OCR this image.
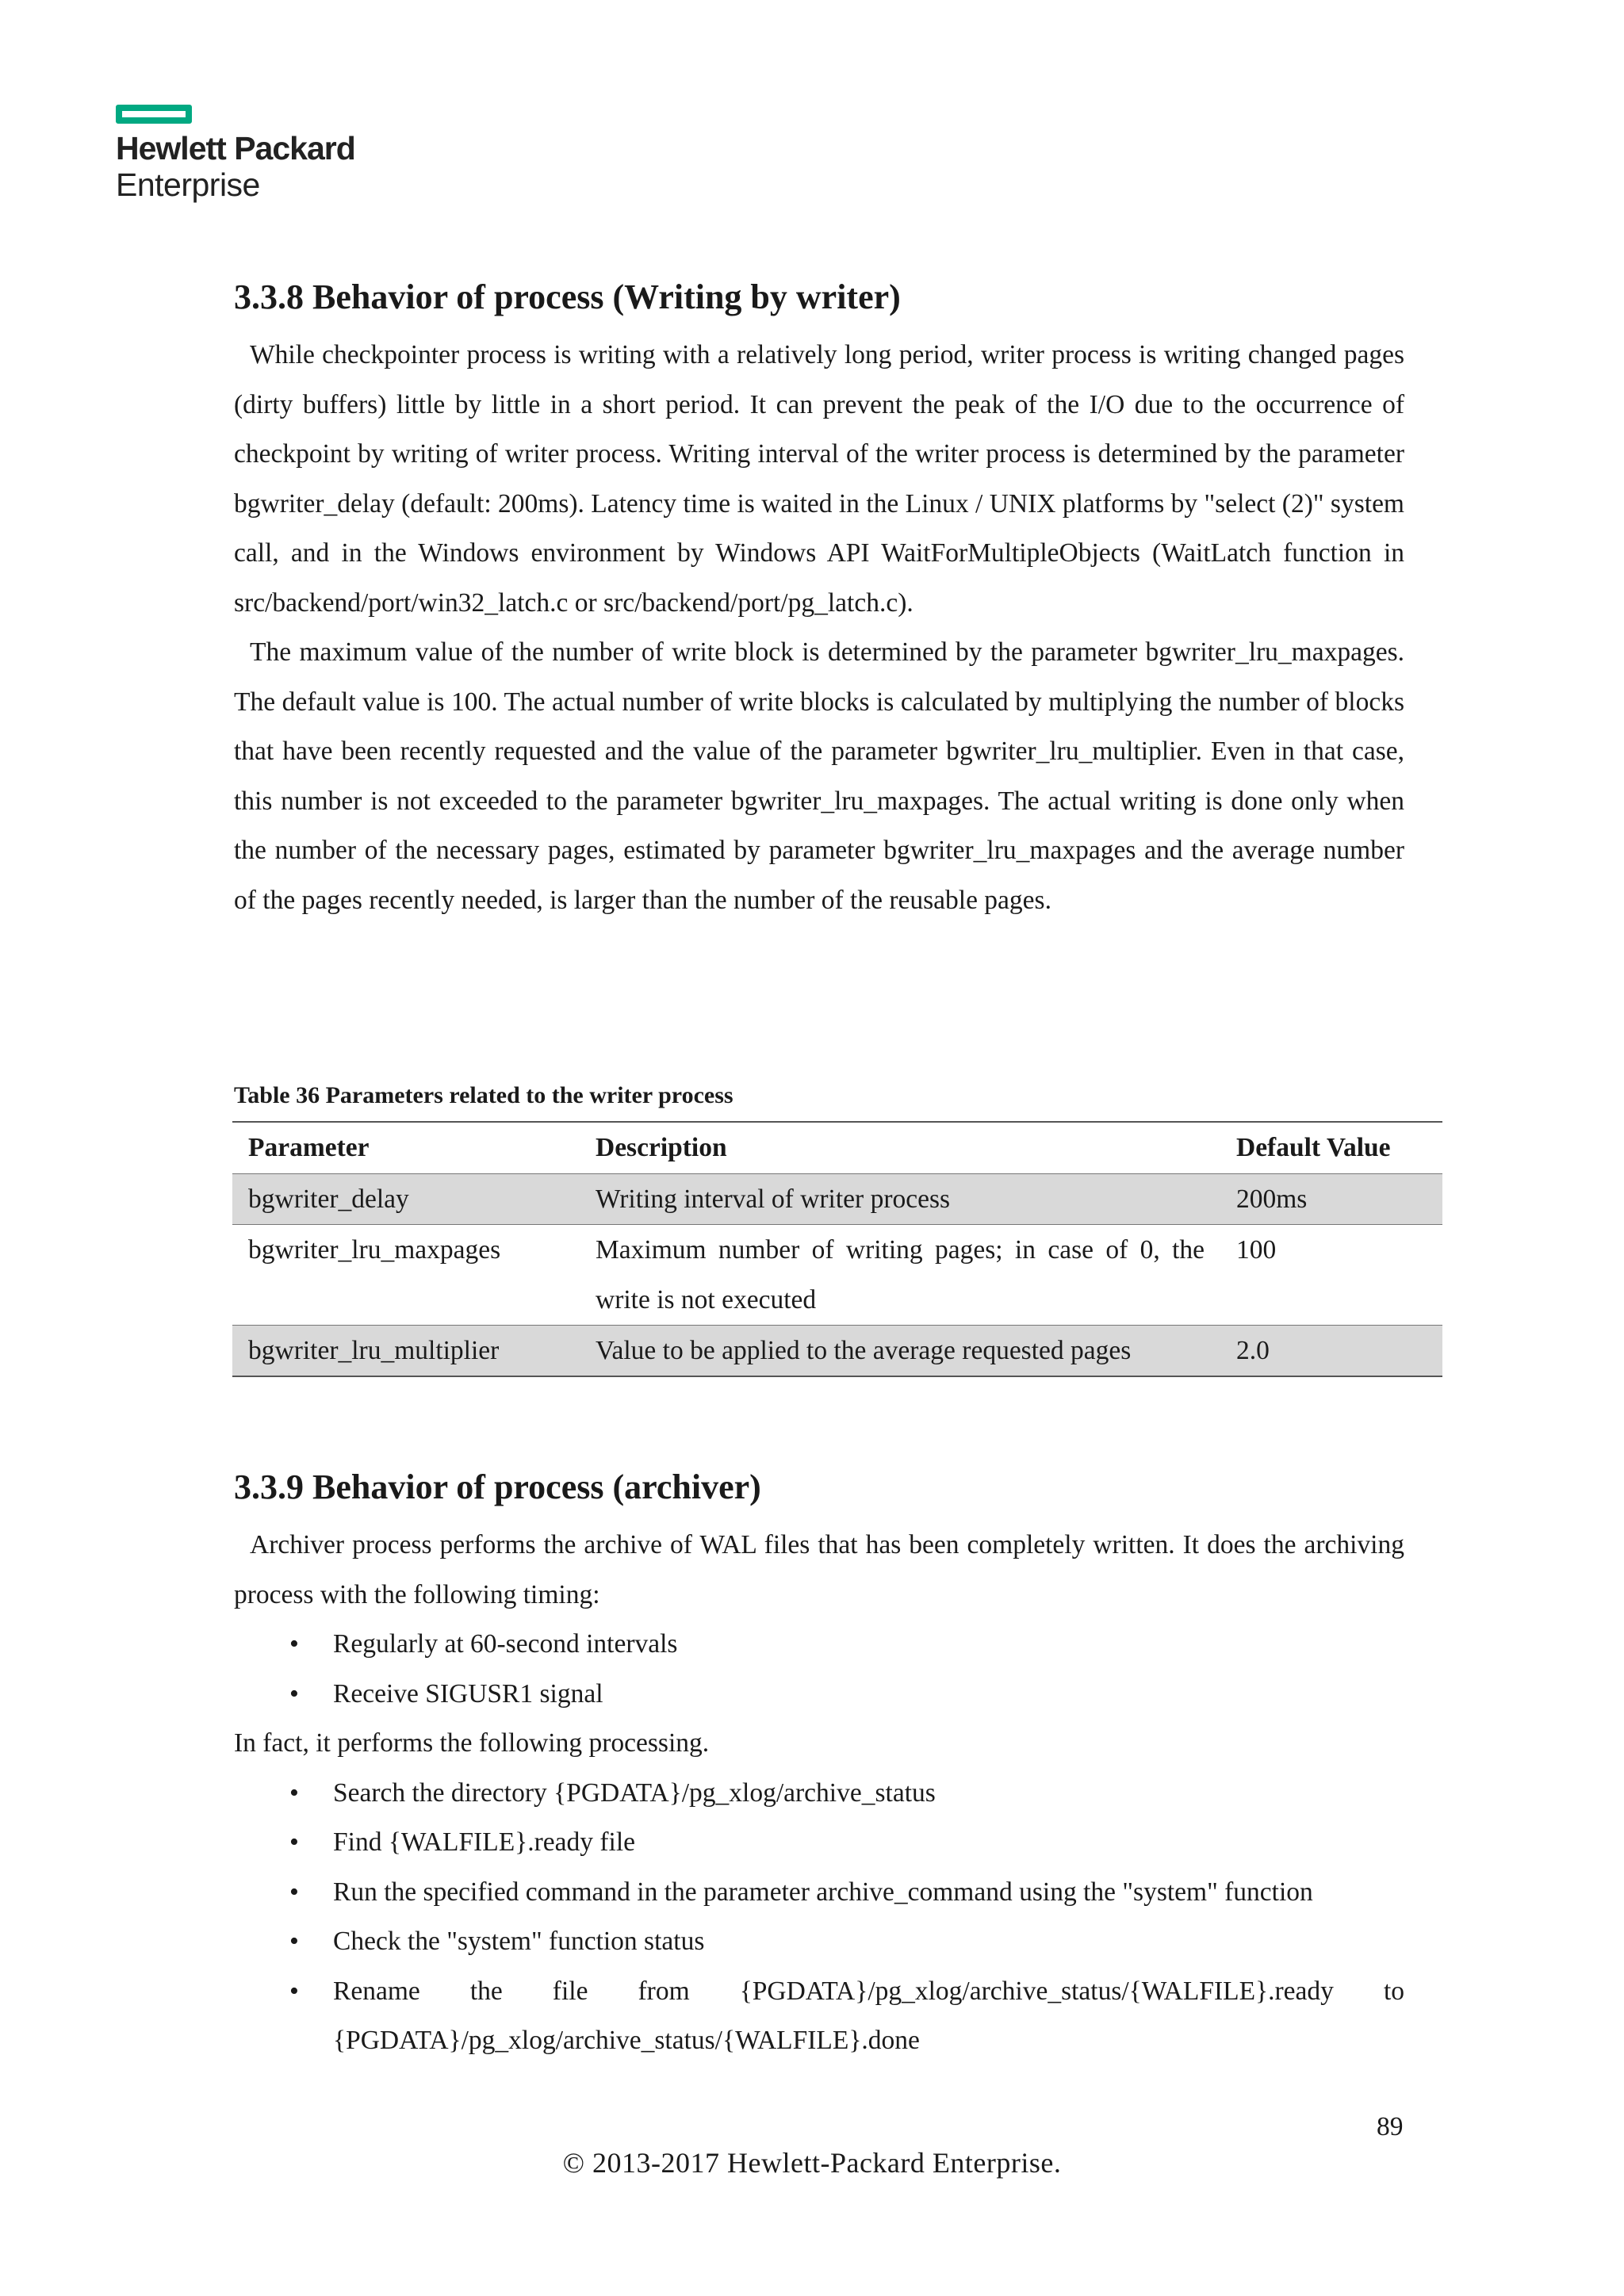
Hewlett Packard
Enterprise
3.3.8 Behavior of process (Writing by writer)

While checkpointer process is writing with a relatively long period, writer process is writing changed pages (dirty buffers) little by little in a short period. It can prevent the peak of the I/O due to the occurrence of checkpoint by writing of writer process. Writing interval of the writer process is determined by the parameter bgwriter_delay (default: 200ms). Latency time is waited in the Linux / UNIX platforms by "select (2)" system call, and in the Windows environment by Windows API WaitForMultipleObjects (WaitLatch function in src/backend/port/win32_latch.c or src/backend/port/pg_latch.c).

The maximum value of the number of write block is determined by the parameter bgwriter_lru_maxpages. The default value is 100. The actual number of write blocks is calculated by multiplying the number of blocks that have been recently requested and the value of the parameter bgwriter_lru_multiplier. Even in that case, this number is not exceeded to the parameter bgwriter_lru_maxpages. The actual writing is done only when the number of the necessary pages, estimated by parameter bgwriter_lru_maxpages and the average number of the pages recently needed, is larger than the number of the reusable pages.

Table 36 Parameters related to the writer process
Parameter	Description	Default Value
bgwriter_delay	Writing interval of writer process	200ms
bgwriter_lru_maxpages	Maximum number of writing pages; in case of 0, the write is not executed	100
bgwriter_lru_multiplier	Value to be applied to the average requested pages	2.0
3.3.9 Behavior of process (archiver)

Archiver process performs the archive of WAL files that has been completely written. It does the archiving process with the following timing:

• Regularly at 60-second intervals
• Receive SIGUSR1 signal

In fact, it performs the following processing.

• Search the directory {PGDATA}/pg_xlog/archive_status
• Find {WALFILE}.ready file
• Run the specified command in the parameter archive_command using the "system" function
• Check the "system" function status
• Rename the file from {PGDATA}/pg_xlog/archive_status/{WALFILE}.ready to {PGDATA}/pg_xlog/archive_status/{WALFILE}.done
89
© 2013-2017 Hewlett-Packard Enterprise.
